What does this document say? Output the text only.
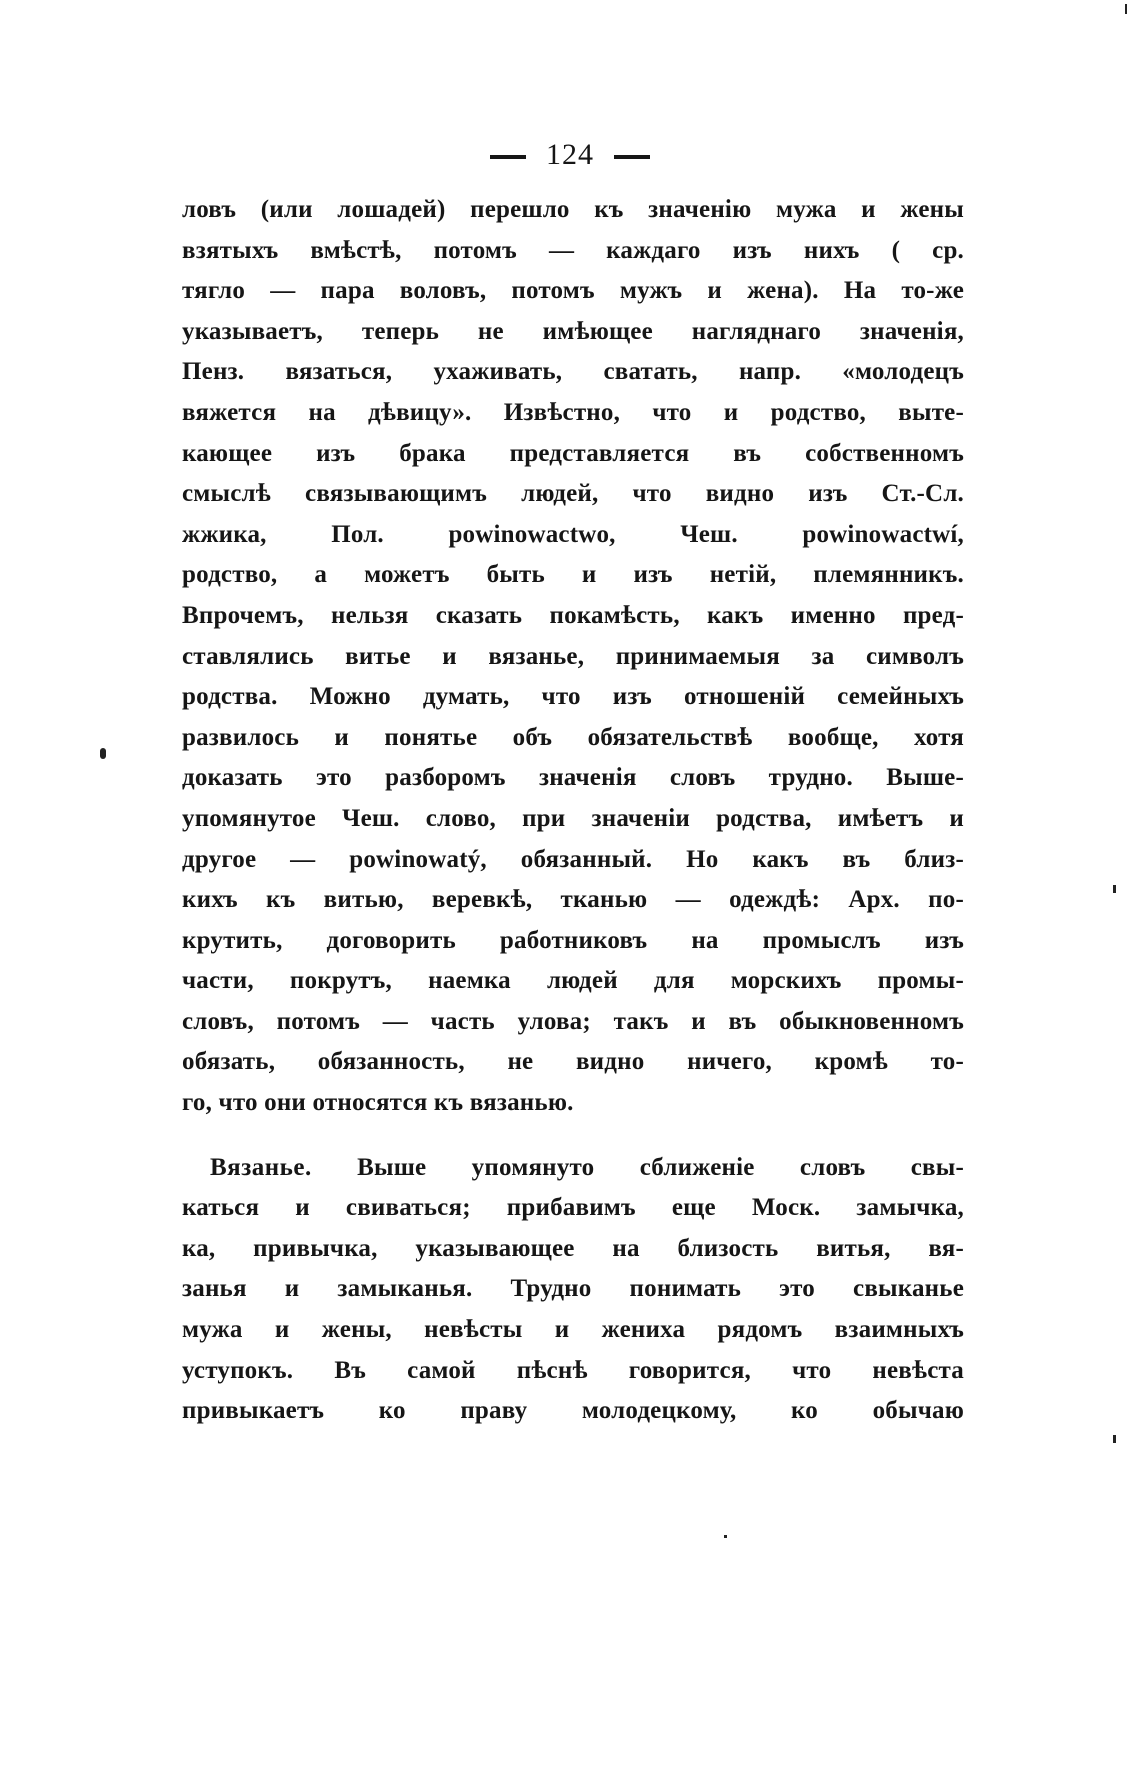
124
ловъ (или лошадей) перешло къ значенію мужа и жены
взятыхъ вмѣстѣ, потомъ — каждаго изъ нихъ ( ср.
тягло — пара воловъ, потомъ мужъ и жена). На то-же
указываетъ, теперь не имѣющее нагляднаго значенія,
Пенз. вязаться, ухаживать, сватать, напр. «молодецъ
вяжется на дѣвицу». Извѣстно, что и родство, выте-
кающее изъ брака представляется въ собственномъ
смыслѣ связывающимъ людей, что видно изъ Ст.-Сл.
жжика, Пол. powinowactwo, Чеш. powinowactwí,
родство, а можетъ быть и изъ нетій, племянникъ.
Впрочемъ, нельзя сказать покамѣсть, какъ именно пред-
ставлялись витье и вязанье, принимаемыя за символъ
родства. Можно думать, что изъ отношеній семейныхъ
развилось и понятье объ обязательствѣ вообще, хотя
доказать это разборомъ значенія словъ трудно. Выше-
упомянутое Чеш. слово, при значеніи родства, имѣетъ и
другое — powinowatý, обязанный. Но какъ въ близ-
кихъ къ витью, веревкѣ, тканью — одеждѣ: Арх. по-
крутить, договорить работниковъ на промыслъ изъ
части, покрутъ, наемка людей для морскихъ промы-
словъ, потомъ — часть улова; такъ и въ обыкновенномъ
обязать, обязанность, не видно ничего, кромѣ то-
го, что они относятся къ вязанью.
Вязанье. Выше упомянуто сближеніе словъ свы-
каться и свиваться; прибавимъ еще Моск. замычка,
ка, привычка, указывающее на близость витья, вя-
занья и замыканья. Трудно понимать это свыканье
мужа и жены, невѣсты и жениха рядомъ взаимныхъ
уступокъ. Въ самой пѣснѣ говорится, что невѣста
привыкаетъ ко праву молодецкому, ко обычаю
